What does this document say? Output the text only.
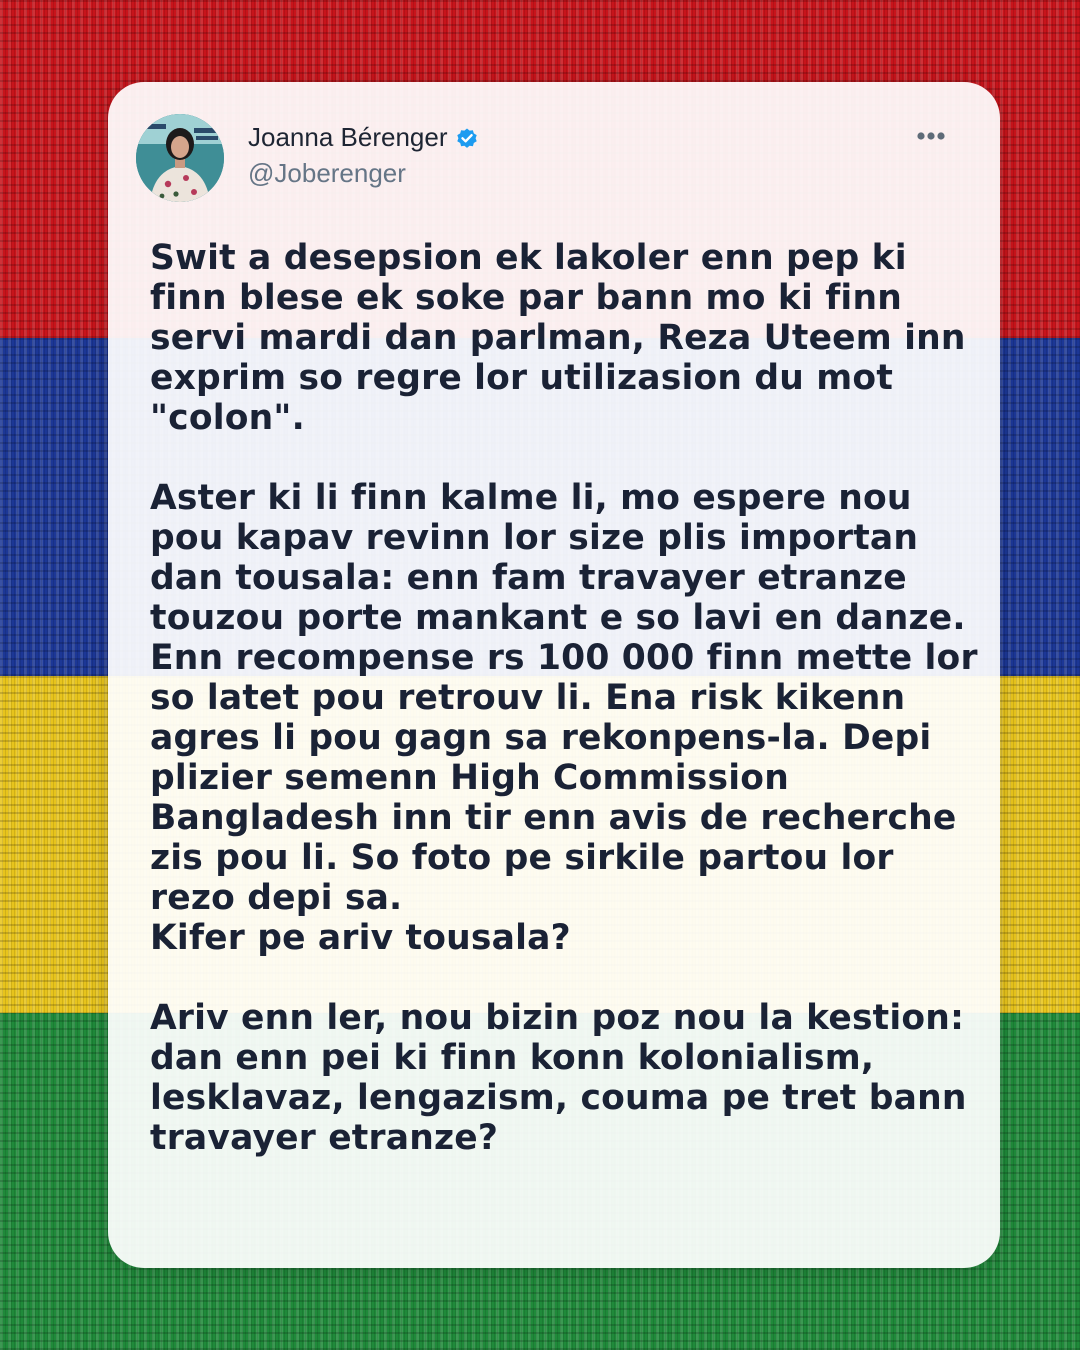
Joanna Bérenger
@Joberenger

Swit a desepsion ek lakoler enn pep ki finn blese ek soke par bann mo ki finn servi mardi dan parlman, Reza Uteem inn exprim so regre lor utilizasion du mot "colon".

Aster ki li finn kalme li, mo espere nou pou kapav revinn lor size plis importan dan tousala: enn fam travayer etranze touzou porte mankant e so lavi en danze.
Enn recompense rs 100 000 finn mette lor so latet pou retrouv li. Ena risk kikenn agres li pou gagn sa rekonpens-la. Depi plizier semenn High Commission Bangladesh inn tir enn avis de recherche zis pou li. So foto pe sirkile partou lor rezo depi sa.
Kifer pe ariv tousala?

Ariv enn ler, nou bizin poz nou la kestion: dan enn pei ki finn konn kolonialism, lesklavaz, lengazism, couma pe tret bann travayer etranze?
